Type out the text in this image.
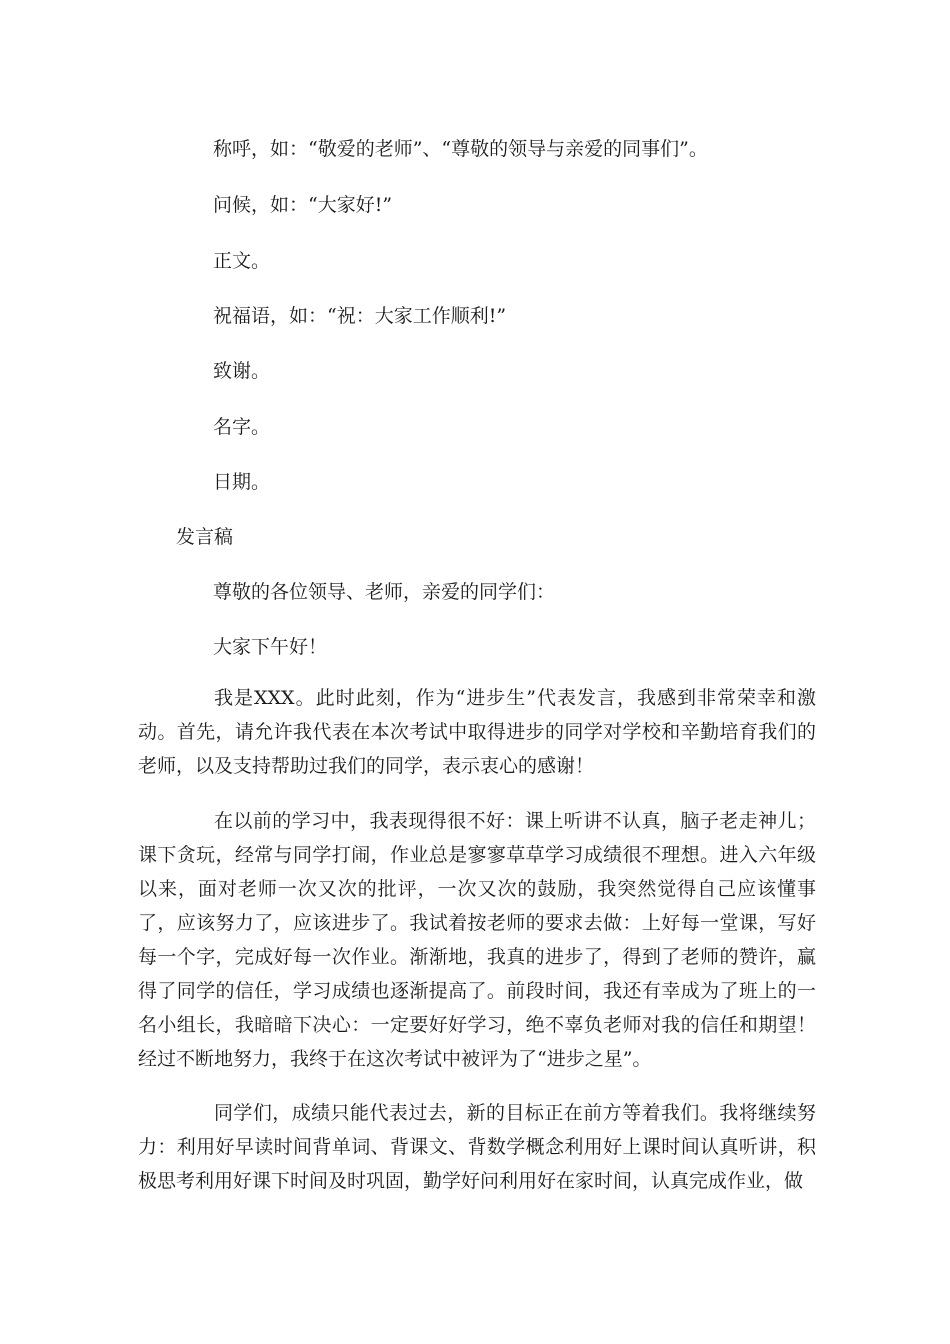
称呼，如：“敬爱的老师”、“尊敬的领导与亲爱的同事们”。
问候，如：“大家好!”
正文。
祝福语，如：“祝：大家工作顺利!”
致谢。
名字。
日期。
发言稿
尊敬的各位领导、老师，亲爱的同学们：
大家下午好！
我是XXX。此时此刻，作为“进步生”代表发言，我感到非常荣幸和激动。首先，请允许我代表在本次考试中取得进步的同学对学校和辛勤培育我们的老师，以及支持帮助过我们的同学，表示衷心的感谢！
在以前的学习中，我表现得很不好：课上听讲不认真，脑子老走神儿；课下贪玩，经常与同学打闹，作业总是寥寥草草学习成绩很不理想。进入六年级以来，面对老师一次又次的批评，一次又次的鼓励，我突然觉得自己应该懂事了，应该努力了，应该进步了。我试着按老师的要求去做：上好每一堂课，写好每一个字，完成好每一次作业。渐渐地，我真的进步了，得到了老师的赞许，赢得了同学的信任，学习成绩也逐渐提高了。前段时间，我还有幸成为了班上的一名小组长，我暗暗下决心：一定要好好学习，绝不辜负老师对我的信任和期望！经过不断地努力，我终于在这次考试中被评为了“进步之星”。
同学们，成绩只能代表过去，新的目标正在前方等着我们。我将继续努力：利用好早读时间背单词、背课文、背数学概念利用好上课时间认真听讲，积极思考利用好课下时间及时巩固，勤学好问利用好在家时间，认真完成作业，做
